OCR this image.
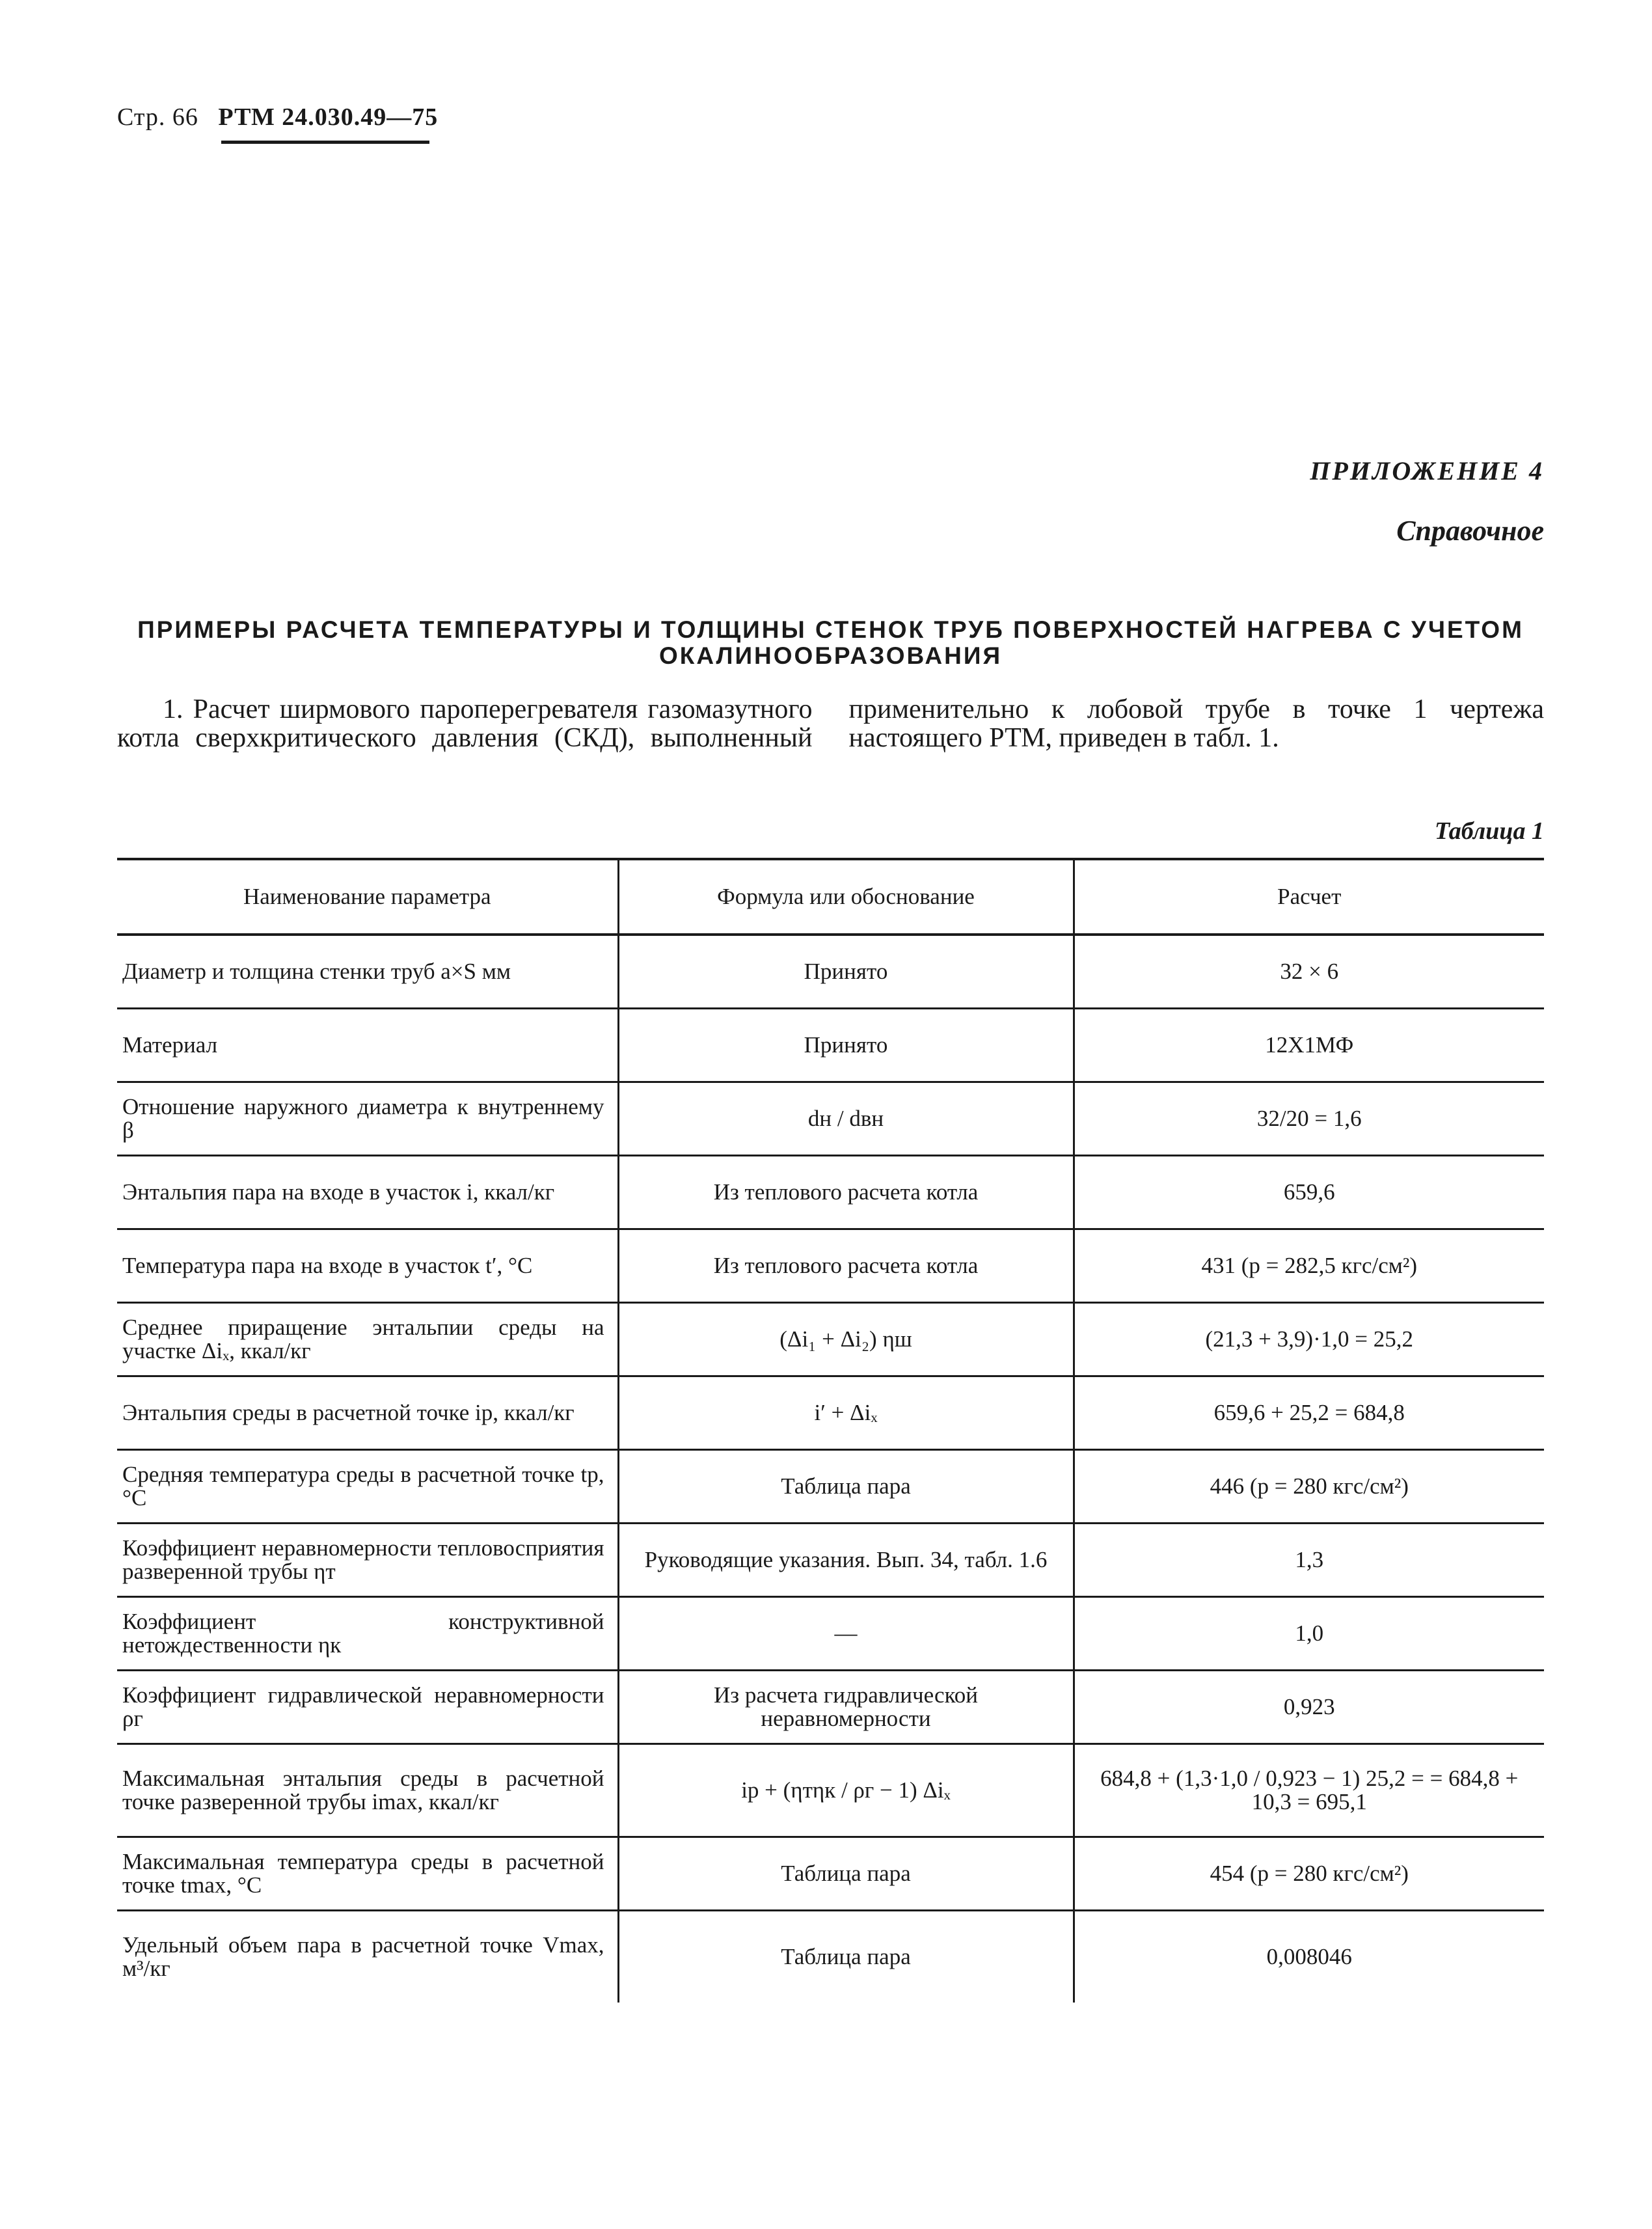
Стр. 66 РТМ 24.030.49—75
ПРИЛОЖЕНИЕ 4
Справочное
ПРИМЕРЫ РАСЧЕТА ТЕМПЕРАТУРЫ И ТОЛЩИНЫ СТЕНОК ТРУБ ПОВЕРХНОСТЕЙ НАГРЕВА С УЧЕТОМ ОКАЛИНООБРАЗОВАНИЯ

1. Расчет ширмового пароперегревателя газомазутного котла сверхкритического давления (СКД), выполненный применительно к лобовой трубе в точке 1 чертежа настоящего РТМ, приведен в табл. 1.

Таблица 1
Наименование параметра	Формула или обоснование	Расчет
Диаметр и толщина стенки труб a×S мм	Принято	32 × 6
Материал	Принято	12Х1МФ
Отношение наружного диаметра к внутреннему β	dн / dвн	32/20 = 1,6
Энтальпия пара на входе в участок i, ккал/кг	Из теплового расчета котла	659,6
Температура пара на входе в участок t′, °С	Из теплового расчета котла	431 (p = 282,5 кгс/см²)
Среднее приращение энтальпии среды на участке Δiₓ, ккал/кг	(Δi₁ + Δi₂) ηш	(21,3 + 3,9)·1,0 = 25,2
Энтальпия среды в расчетной точке iр, ккал/кг	i′ + Δiₓ	659,6 + 25,2 = 684,8
Средняя температура среды в расчетной точке tр, °С	Таблица пара	446 (p = 280 кгс/см²)
Коэффициент неравномерности тепловосприятия разверенной трубы ηт	Руководящие указания. Вып. 34, табл. 1.6	1,3
Коэффициент конструктивной нетождественности ηк	—	1,0
Коэффициент гидравлической неравномерности ρг	Из расчета гидравлической неравномерности	0,923
Максимальная энтальпия среды в расчетной точке разверенной трубы imax, ккал/кг	iр + (ηтηк / ρг − 1) Δiₓ	684,8 + (1,3·1,0 / 0,923 − 1) 25,2 = = 684,8 + 10,3 = 695,1
Максимальная температура среды в расчетной точке tmax, °С	Таблица пара	454 (p = 280 кгс/см²)
Удельный объем пара в расчетной точке Vmax, м³/кг	Таблица пара	0,008046
